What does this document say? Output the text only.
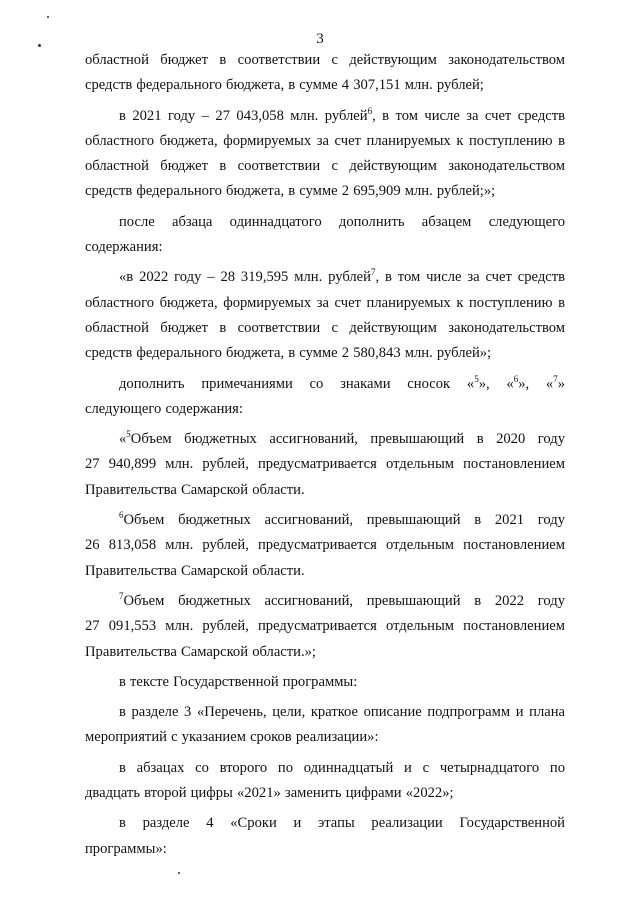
3
областной бюджет в соответствии с действующим законодательством
средств федерального бюджета, в сумме 4 307,151 млн. рублей;
в 2021 году – 27 043,058 млн. рублей$^6$, в том числе за счет средств
областного бюджета, формируемых за счет планируемых к поступлению в
областной бюджет в соответствии с действующим законодательством
средств федерального бюджета, в сумме 2 695,909 млн. рублей;»;
после абзаца одиннадцатого дополнить абзацем следующего
содержания:
«в 2022 году – 28 319,595 млн. рублей$^7$, в том числе за счет средств
областного бюджета, формируемых за счет планируемых к поступлению в
областной бюджет в соответствии с действующим законодательством
средств федерального бюджета, в сумме 2 580,843 млн. рублей»;
дополнить примечаниями со знаками сносок «$^5$», «$^6$», «$^7$»
следующего содержания:
«$^5$Объем бюджетных ассигнований, превышающий в 2020 году
27 940,899 млн. рублей, предусматривается отдельным постановлением
Правительства Самарской области.
$^6$Объем бюджетных ассигнований, превышающий в 2021 году
26 813,058 млн. рублей, предусматривается отдельным постановлением
Правительства Самарской области.
$^7$Объем бюджетных ассигнований, превышающий в 2022 году
27 091,553 млн. рублей, предусматривается отдельным постановлением
Правительства Самарской области.»;
в тексте Государственной программы:
в разделе 3 «Перечень, цели, краткое описание подпрограмм и плана
мероприятий с указанием сроков реализации»:
в абзацах со второго по одиннадцатый и с четырнадцатого по
двадцать второй цифры «2021» заменить цифрами «2022»;
в разделе 4 «Сроки и этапы реализации Государственной
программы»:
